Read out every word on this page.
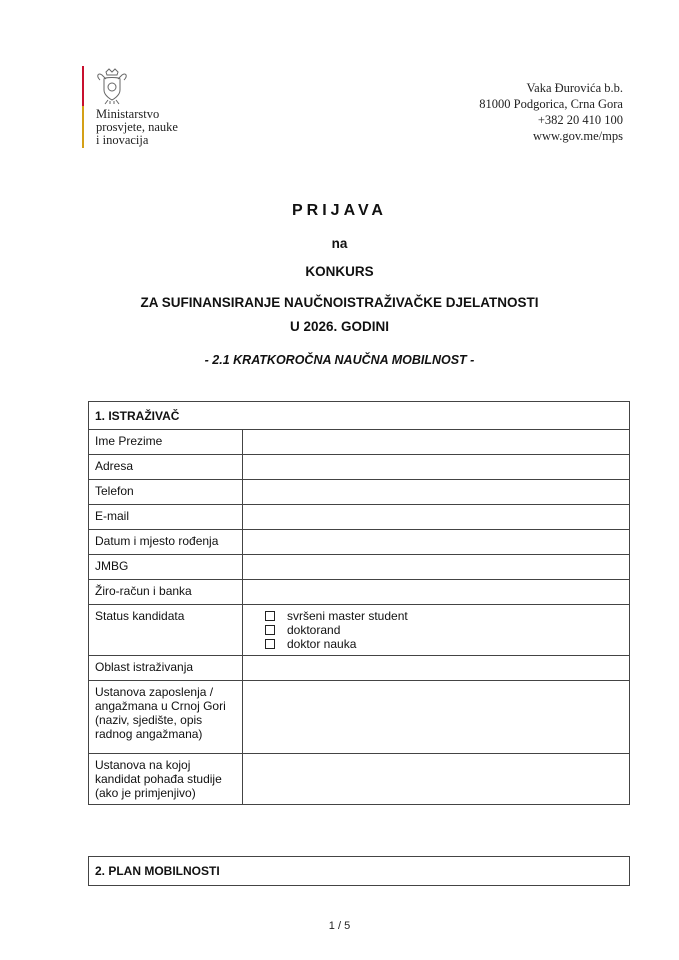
Ministarstvo
prosvjete, nauke
i inovacija
Vaka Đurovića b.b.
81000 Podgorica, Crna Gora
+382 20 410 100
www.gov.me/mps
PRIJAVA
na
KONKURS
ZA SUFINANSIRANJE NAUČNOISTRAŽIVAČKE DJELATNOSTI
U 2026. GODINI
- 2.1 KRATKOROČNA NAUČNA MOBILNOST -
1. ISTRAŽIVAČ	
Ime Prezime	
Adresa	
Telefon	
E-mail	
Datum i mjesto rođenja	
JMBG	
Žiro-račun i banka	
Status kandidata	svršeni master student
doktorand
doktor nauka

Oblast istraživanja	
Ustanova zaposlenja / angažmana u Crnoj Gori (naziv, sjedište, opis radnog angažmana)	
Ustanova na kojoj kandidat pohađa studije (ako je primjenjivo)	
2. PLAN MOBILNOSTI
1 / 5
